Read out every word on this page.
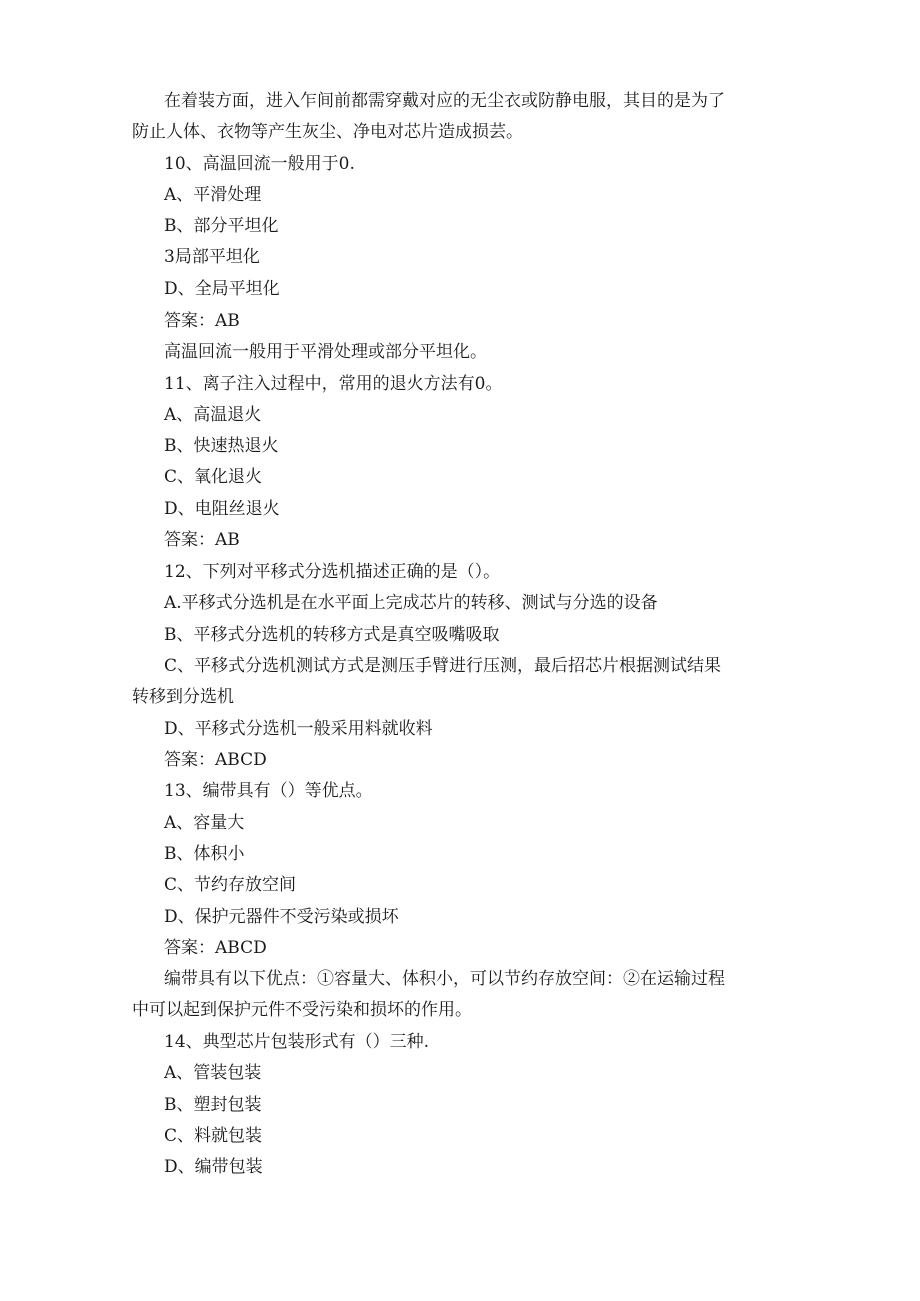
在着装方面，进入乍间前都需穿戴对应的无尘衣或防静电服，其目的是为了
防止人体、衣物等产生灰尘、净电对芯片造成损芸。
10、高温回流一般用于0.
A、平滑处理
B、部分平坦化
3局部平坦化
D、全局平坦化
答案：AB
高温回流一般用于平滑处理或部分平坦化。
11、离子注入过程中，常用的退火方法有0。
A、高温退火
B、快速热退火
C、氧化退火
D、电阻丝退火
答案：AB
12、下列对平移式分选机描述正确的是（）。
A.平移式分选机是在水平面上完成芯片的转移、测试与分选的设备
B、平移式分选机的转移方式是真空吸嘴吸取
C、平移式分选机测试方式是测压手臂进行压测，最后招芯片根据测试结果
转移到分选机
D、平移式分选机一般采用料就收料
答案：ABCD
13、编带具有（）等优点。
A、容量大
B、体积小
C、节约存放空间
D、保护元器件不受污染或损坏
答案：ABCD
编带具有以下优点：①容量大、体积小，可以节约存放空间：②在运输过程
中可以起到保护元件不受污染和损坏的作用。
14、典型芯片包装形式有（）三种.
A、管装包装
B、塑封包装
C、料就包装
D、编带包装
